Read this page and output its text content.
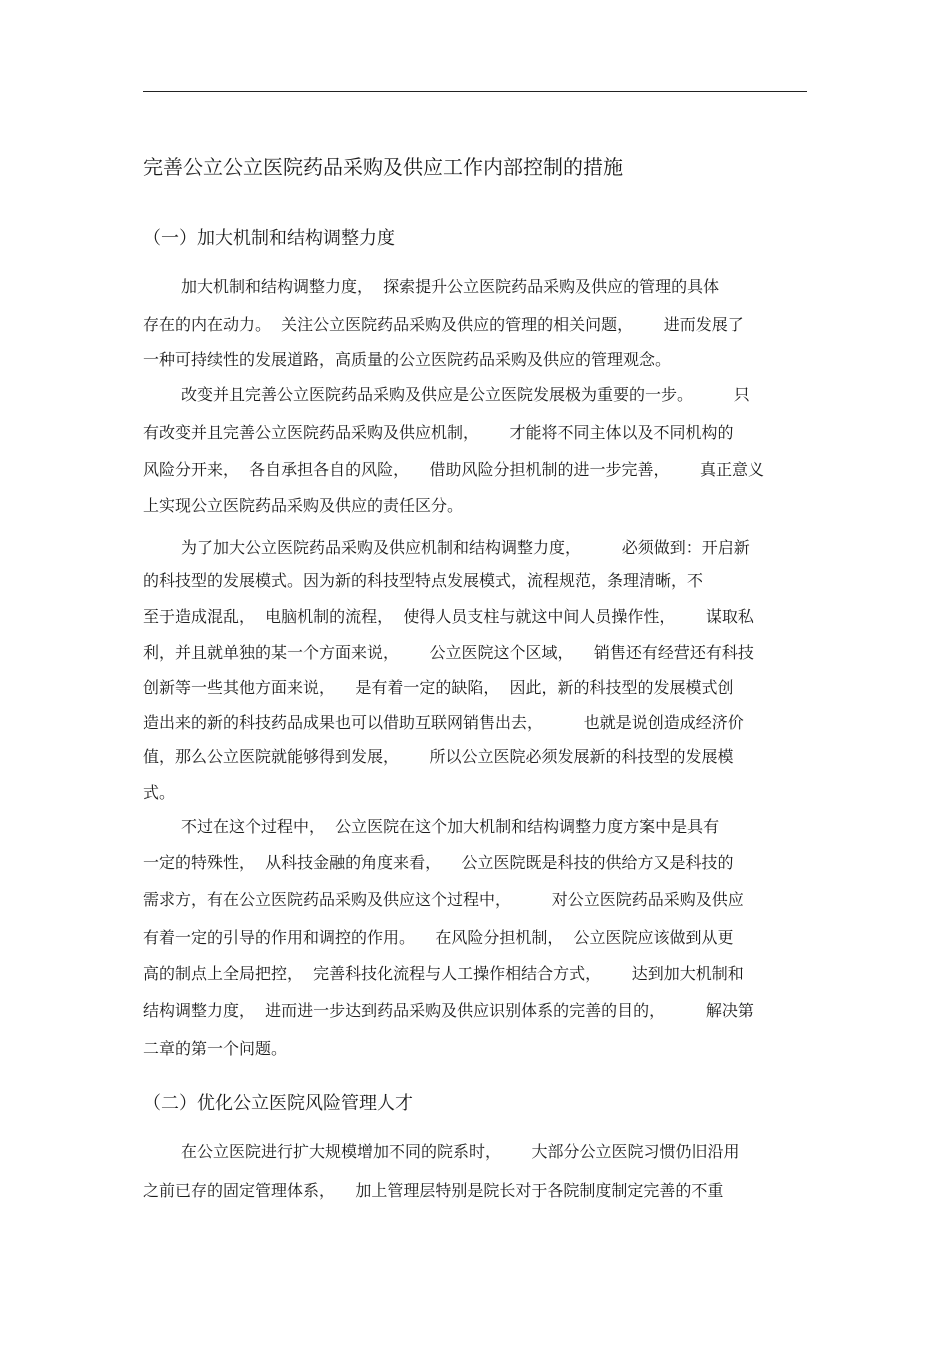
完善公立公立医院药品采购及供应工作内部控制的措施
（一）加大机制和结构调整力度
加大机制和结构调整力度，  探索提升公立医院药品采购及供应的管理的具体
存在的内在动力。  关注公立医院药品采购及供应的管理的相关问题，      进而发展了
一种可持续性的发展道路，高质量的公立医院药品采购及供应的管理观念。
改变并且完善公立医院药品采购及供应是公立医院发展极为重要的一步。        只
有改变并且完善公立医院药品采购及供应机制，      才能将不同主体以及不同机构的
风险分开来，  各自承担各自的风险，    借助风险分担机制的进一步完善，      真正意义
上实现公立医院药品采购及供应的责任区分。
为了加大公立医院药品采购及供应机制和结构调整力度，        必须做到：开启新
的科技型的发展模式。因为新的科技型特点发展模式，流程规范，条理清晰，不
至于造成混乱，  电脑机制的流程，  使得人员支柱与就这中间人员操作性，      谋取私
利，并且就单独的某一个方面来说，      公立医院这个区域，    销售还有经营还有科技
创新等一些其他方面来说，    是有着一定的缺陷，  因此，新的科技型的发展模式创
造出来的新的科技药品成果也可以借助互联网销售出去，        也就是说创造成经济价
值，那么公立医院就能够得到发展，      所以公立医院必须发展新的科技型的发展模
式。
不过在这个过程中，  公立医院在这个加大机制和结构调整力度方案中是具有
一定的特殊性，  从科技金融的角度来看，    公立医院既是科技的供给方又是科技的
需求方，有在公立医院药品采购及供应这个过程中，        对公立医院药品采购及供应
有着一定的引导的作用和调控的作用。    在风险分担机制，  公立医院应该做到从更
高的制点上全局把控，  完善科技化流程与人工操作相结合方式，      达到加大机制和
结构调整力度，  进而进一步达到药品采购及供应识别体系的完善的目的，        解决第
二章的第一个问题。
（二）优化公立医院风险管理人才
在公立医院进行扩大规模增加不同的院系时，      大部分公立医院习惯仍旧沿用
之前已存的固定管理体系，    加上管理层特别是院长对于各院制度制定完善的不重
